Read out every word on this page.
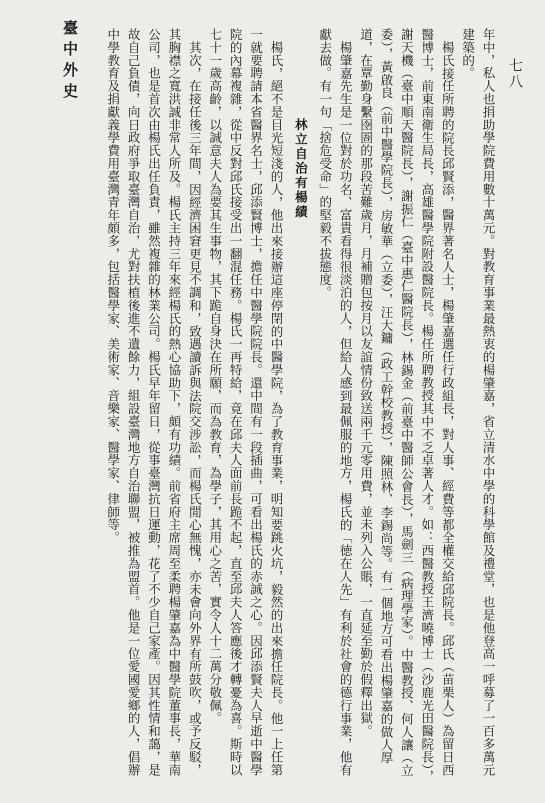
七八

年中，私人也捐助學院費用數十萬元。對教育事業最熱衷的楊肇嘉，省立清水中學的科學館及禮堂，也是他登高一呼募了一百多萬元建築的。

楊氏接任所聘的院長邱賢添，醫界著名人士，楊肇嘉選任行政組長，對人事、經費等都全權交給邱院長。邱氏（苗栗人）為留日西醫博士，前東南衛生局長，高雄醫學院附設醫院長。楊任所聘教授其中不乏卓著人才。如：西醫教授王濟曉博士（沙鹿光田醫院長），謝天機（臺中順天醫院長），謝振仁（臺中惠仁醫院長），林錫金（前臺中醫師公會長），馬劍三（病理學家）。中醫教授、何人讓（立委），黃啟良（前中醫學院長），房敏華（立委），汪大鏞（政工幹校教授），陳照林、李錫尚等。有一個地方可看出楊肇嘉的做人厚道，在覃勤身繫囹圄的那段苦難歲月，月補贈包按月以友誼情份致送兩千元零用費，並未列入公賬，一直延至勤於假釋出獄。

楊肇嘉先生是一位對於功名、富貴看得很淡泊的人，但給人感到最佩服的地方，楊氏的「徳在人先」有利於社會的德行事業，他有獻去做。有一句「捨危受命」的堅毅不拔態度。

林立自治有楊績

楊氏，絕不是目光短淺的人，他出來接辦這座停閉的中醫學院，為了教育事業，明知要跳火坑，毅然的出來擔任院長。他一上任第一就要聘請本省醫界名士，邱添賢博士，擔任中醫學院院長。還中間有一段插曲，可看出楊氏的赤誠之心。因邱添賢夫人早逝中醫學院的內幕複雜，從中反對邱氏接受出一翻混任務。楊氏一再特給，竟在邱夫人面前長跪不起，直至邱夫人答應後才轉憂為喜。斯時以七十一歲高齡，以誠意夫人為要其生事物，其下跪自身決在所願，而為教育，為學子，其用心之苦，實令人十二萬分敬佩。

其次，在接任後三年間，因經濟困窘更見不調和，致遇讀訴與法院交涉訟，而楊氏閒心無愧，亦未會向外界有所鼓吹，或予反駁，其胸襟之寬洪誠非常人所及。楊氏主持三年來經楊氏的熱心協助下，頗有功績。前省府主席周至柔聘楊肇嘉為中醫學院董事長，華南公司，也是首次由楊氏出任負責，雖然複雜的林業公司。楊氏早年留日，從事臺灣抗日運動，花了不少自己家產。因其性情和藹，是故自己負債，向日政府爭取臺灣自治，尤對扶植後進不遺餘力，組設臺灣地方自治聯盟，被推為盟首。他是一位愛國愛鄉的人，倡辦中學教育及捐獻義學費用臺灣青年頗多，包括醫學家、美術家、音樂家、醫學家、律師等。

臺中外史
